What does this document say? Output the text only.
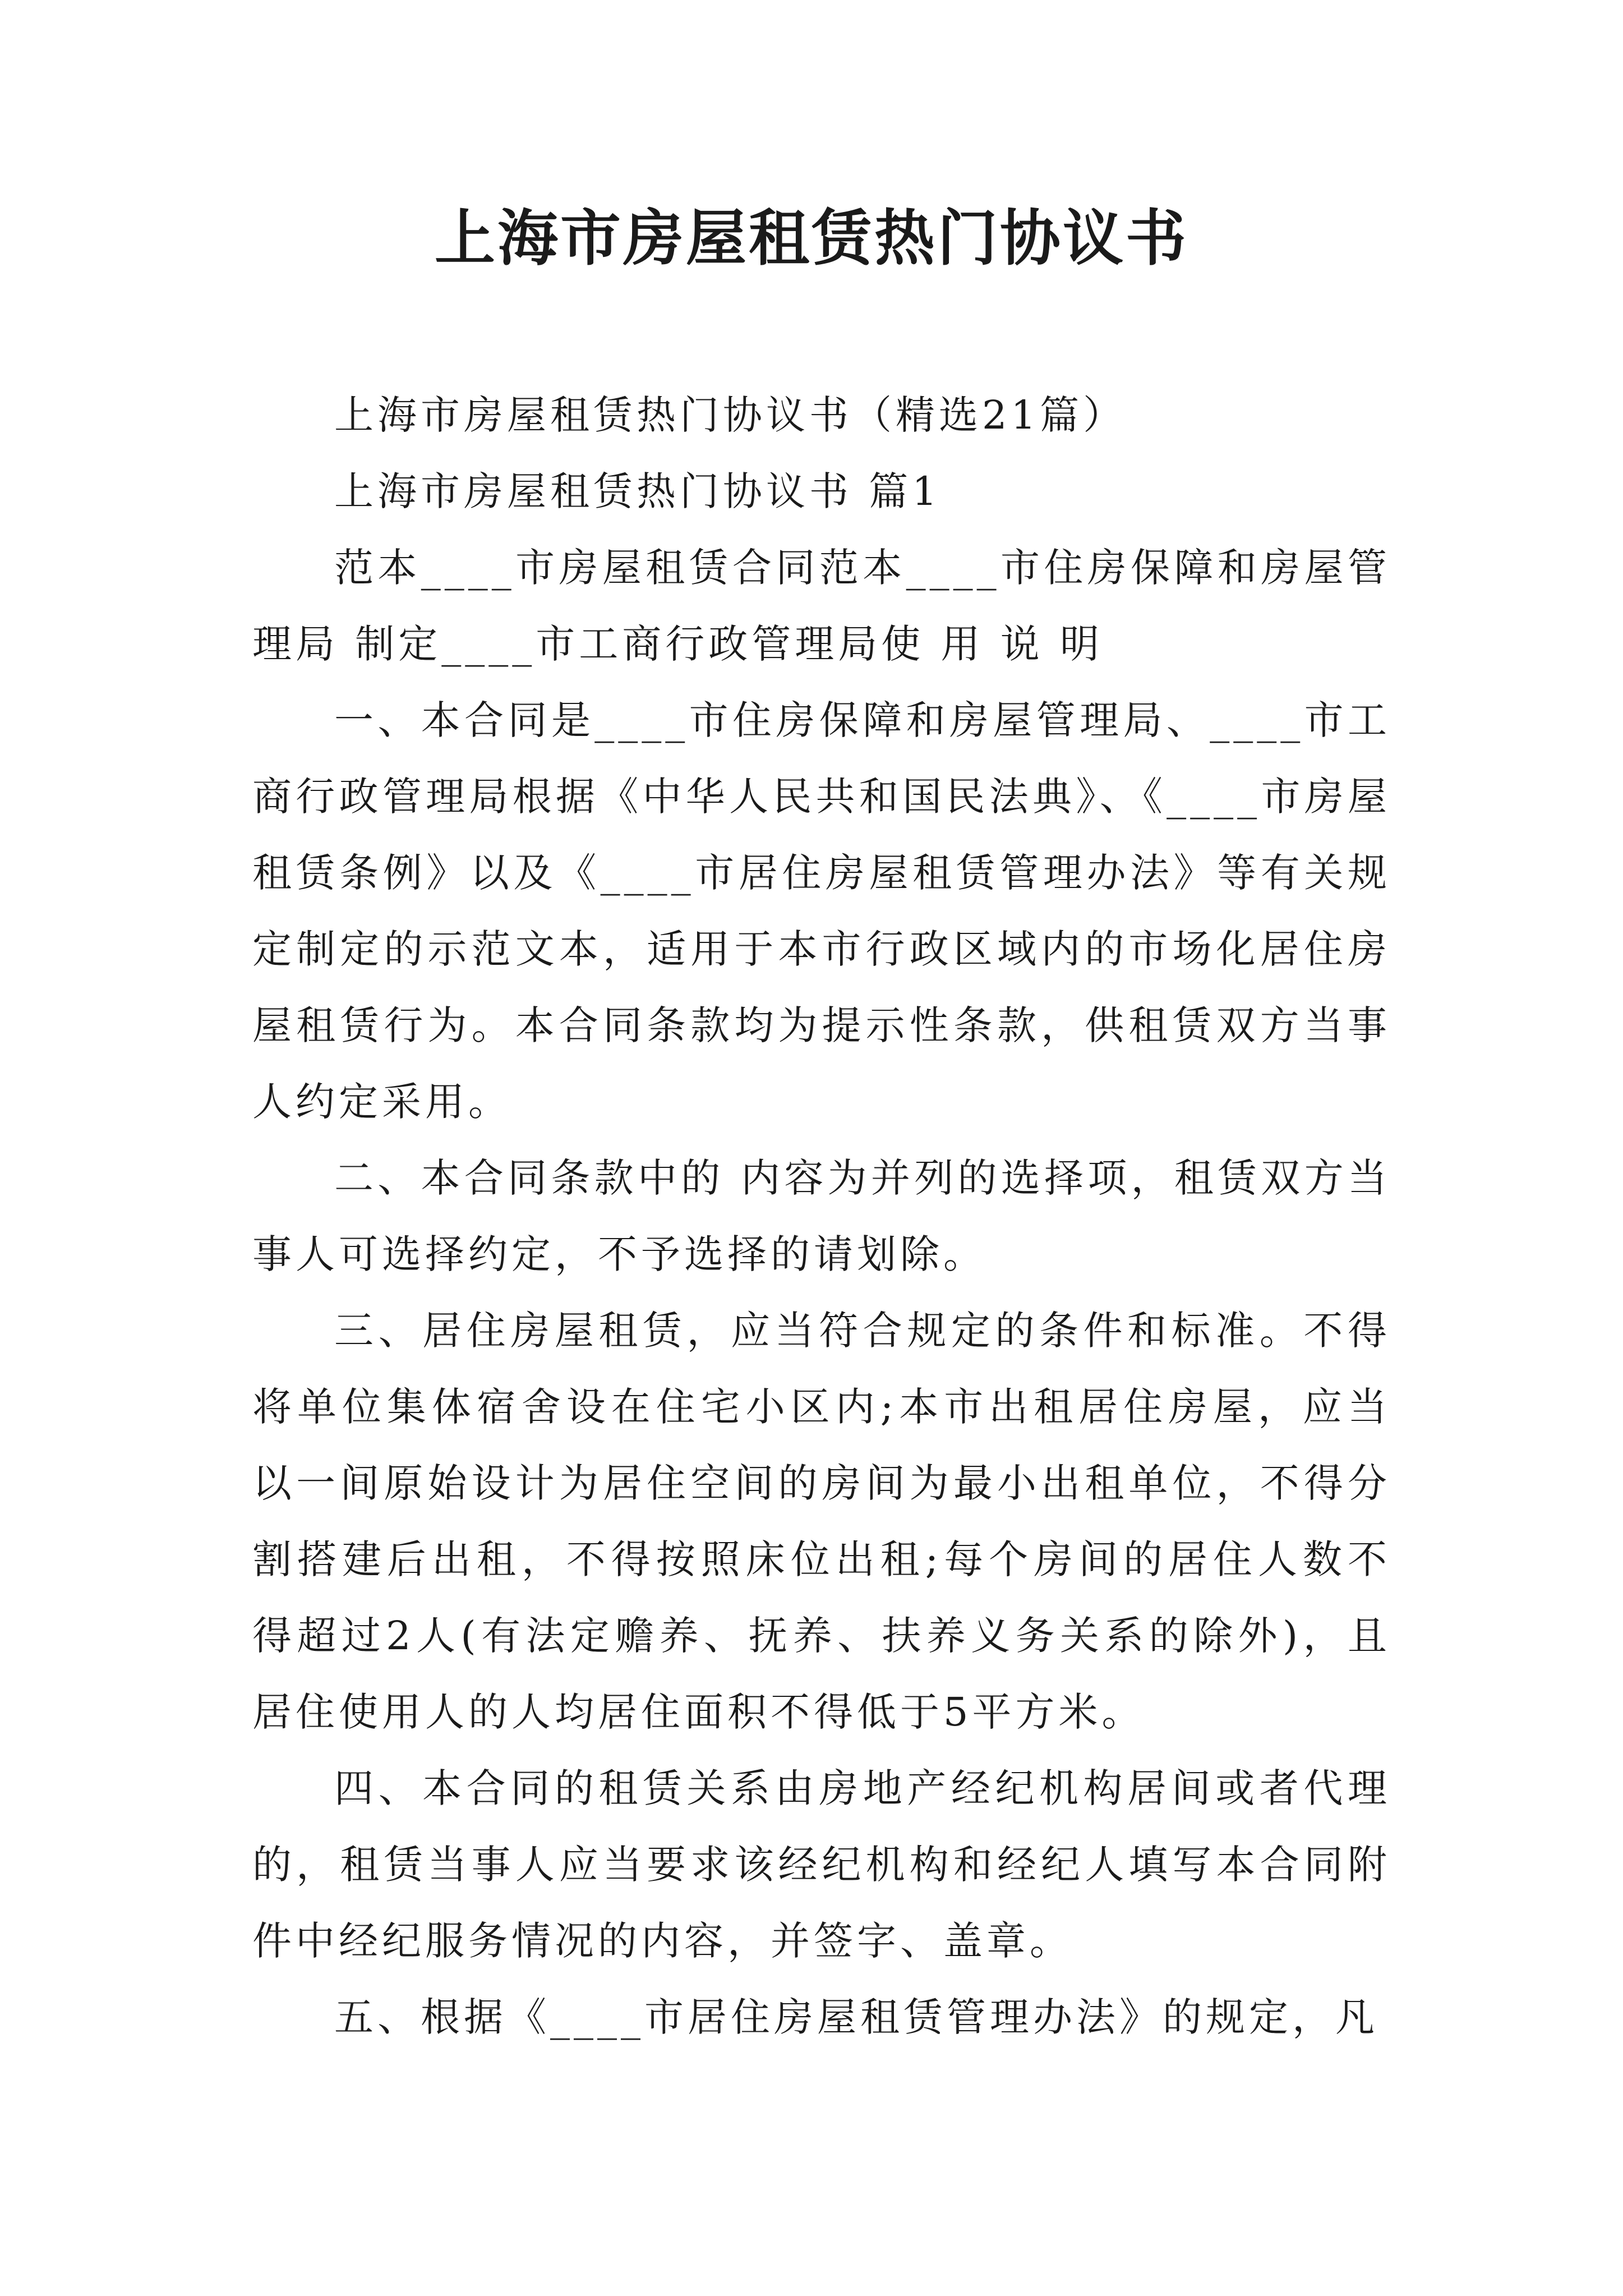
上海市房屋租赁热门协议书

上海市房屋租赁热门协议书（精选21篇）

上海市房屋租赁热门协议书 篇1

范本____市房屋租赁合同范本____市住房保障和房屋管理局 制定____市工商行政管理局使 用 说 明

一、本合同是____市住房保障和房屋管理局、____市工商行政管理局根据《中华人民共和国民法典》、《____市房屋租赁条例》以及《____市居住房屋租赁管理办法》等有关规定制定的示范文本，适用于本市行政区域内的市场化居住房屋租赁行为。本合同条款均为提示性条款，供租赁双方当事人约定采用。

二、本合同条款中的 内容为并列的选择项，租赁双方当事人可选择约定，不予选择的请划除。

三、居住房屋租赁，应当符合规定的条件和标准。不得将单位集体宿舍设在住宅小区内;本市出租居住房屋，应当以一间原始设计为居住空间的房间为最小出租单位，不得分割搭建后出租，不得按照床位出租;每个房间的居住人数不得超过2人(有法定赡养、抚养、扶养义务关系的除外)，且居住使用人的人均居住面积不得低于5平方米。

四、本合同的租赁关系由房地产经纪机构居间或者代理的，租赁当事人应当要求该经纪机构和经纪人填写本合同附件中经纪服务情况的内容，并签字、盖章。

五、根据《____市居住房屋租赁管理办法》的规定，凡
